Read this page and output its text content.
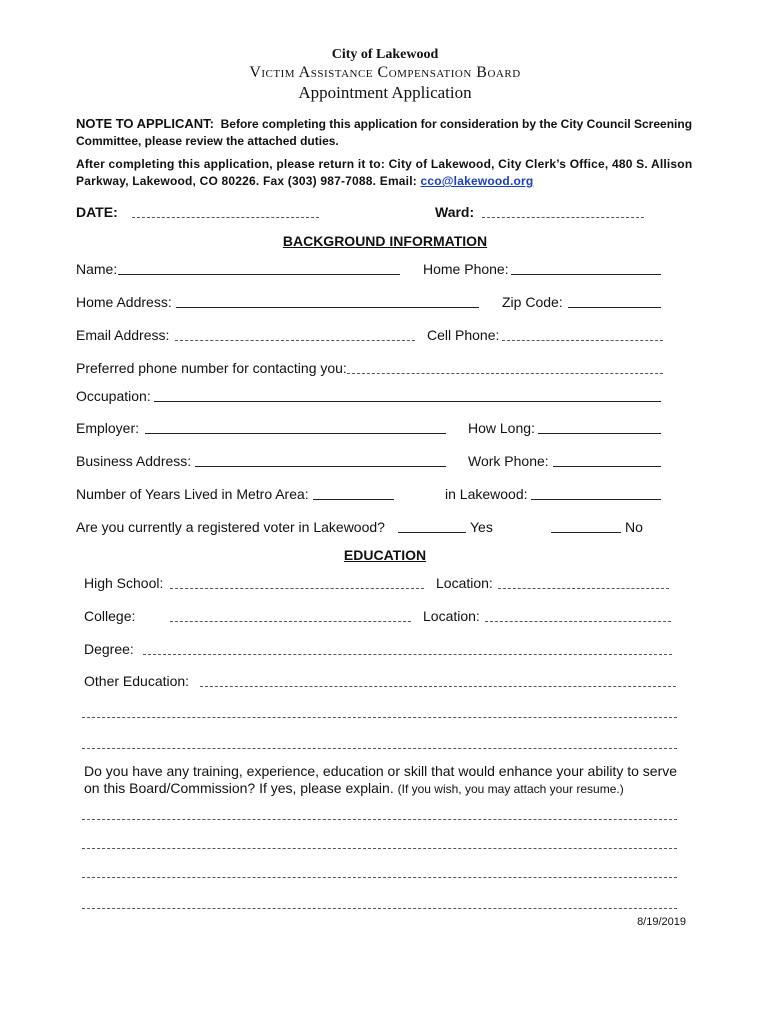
City of Lakewood
Victim Assistance Compensation Board
Appointment Application
NOTE TO APPLICANT: Before completing this application for consideration by the City Council Screening Committee, please review the attached duties.
After completing this application, please return it to: City of Lakewood, City Clerk’s Office, 480 S. Allison Parkway, Lakewood, CO 80226. Fax (303) 987-7088. Email: cco@lakewood.org
DATE:	Ward:
BACKGROUND INFORMATION
Name:	Home Phone:
Home Address:	Zip Code:
Email Address:	Cell Phone:
Preferred phone number for contacting you:
Occupation:
Employer:	How Long:
Business Address:	Work Phone:
Number of Years Lived in Metro Area:	in Lakewood:
Are you currently a registered voter in Lakewood?	Yes	No
EDUCATION
High School:	Location:
College:	Location:
Degree:
Other Education:
Do you have any training, experience, education or skill that would enhance your ability to serve on this Board/Commission? If yes, please explain. (If you wish, you may attach your resume.)
8/19/2019
